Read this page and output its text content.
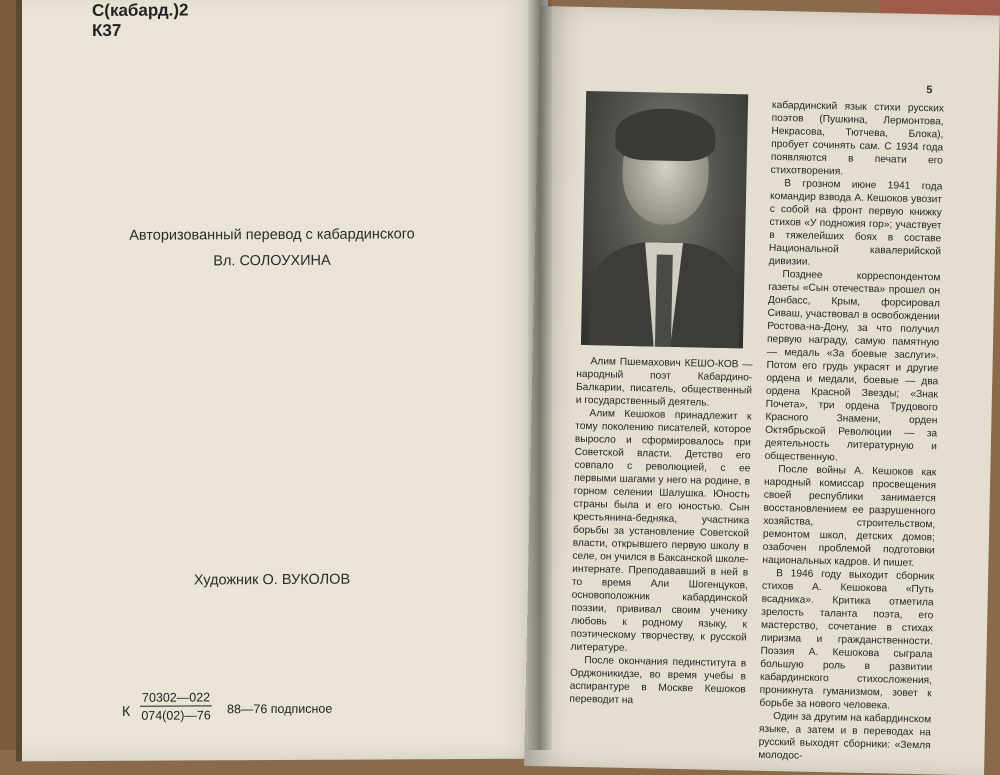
С(кабард.)2
К37
Авторизованный перевод с кабардинского
Вл. СОЛОУХИНА
Художник О. ВУКОЛОВ
К $\frac{70302—022}{074(02)—76}$ 88—76 подписное
5

Алим Пшемахович КЕШО-КОВ — народный поэт Кабардино-Балкарии, писатель, общественный и государственный деятель.

Алим Кешоков принадлежит к тому поколению писателей, которое выросло и сформировалось при Советской власти. Детство его совпало с революцией, с ее первыми шагами у него на родине, в горном селении Шалушка. Юность страны была и его юностью. Сын крестьянина-бедняка, участника борьбы за установление Советской власти, открывшего первую школу в селе, он учился в Баксанской школе-интернате. Преподававший в ней в то время Али Шогенцуков, основоположник кабардинской поэзии, прививал своим ученику любовь к родному языку, к поэтическому творчеству, к русской литературе.

После окончания пединститута в Орджоникидзе, во время учебы в аспирантуре в Москве Кешоков переводит на

кабардинский язык стихи русских поэтов (Пушкина, Лермонтова, Некрасова, Тютчева, Блока), пробует сочинять сам. С 1934 года появляются в печати его стихотворения.

В грозном июне 1941 года командир взвода А. Кешоков увозит с собой на фронт первую книжку стихов «У подножия гор»; участвует в тяжелейших боях в составе Национальной кавалерийской дивизии.

Позднее корреспондентом газеты «Сын отечества» прошел он Донбасс, Крым, форсировал Сиваш, участвовал в освобождении Ростова-на-Дону, за что получил первую награду, самую памятную — медаль «За боевые заслуги». Потом его грудь украсят и другие ордена и медали, боевые — два ордена Красной Звезды; «Знак Почета», три ордена Трудового Красного Знамени, орден Октябрьской Революции — за деятельность литературную и общественную.

После войны А. Кешоков как народный комиссар просвещения своей республики занимается восстановлением ее разрушенного хозяйства, строительством, ремонтом школ, детских домов; озабочен проблемой подготовки национальных кадров. И пишет.

В 1946 году выходит сборник стихов А. Кешокова «Путь всадника». Критика отметила зрелость таланта поэта, его мастерство, сочетание в стихах лиризма и гражданственности. Поэзия А. Кешокова сыграла большую роль в развитии кабардинского стихосложения, проникнута гуманизмом, зовет к борьбе за нового человека.

Один за другим на кабардинском языке, а затем и в переводах на русский выходят сборники: «Земля молодос-
